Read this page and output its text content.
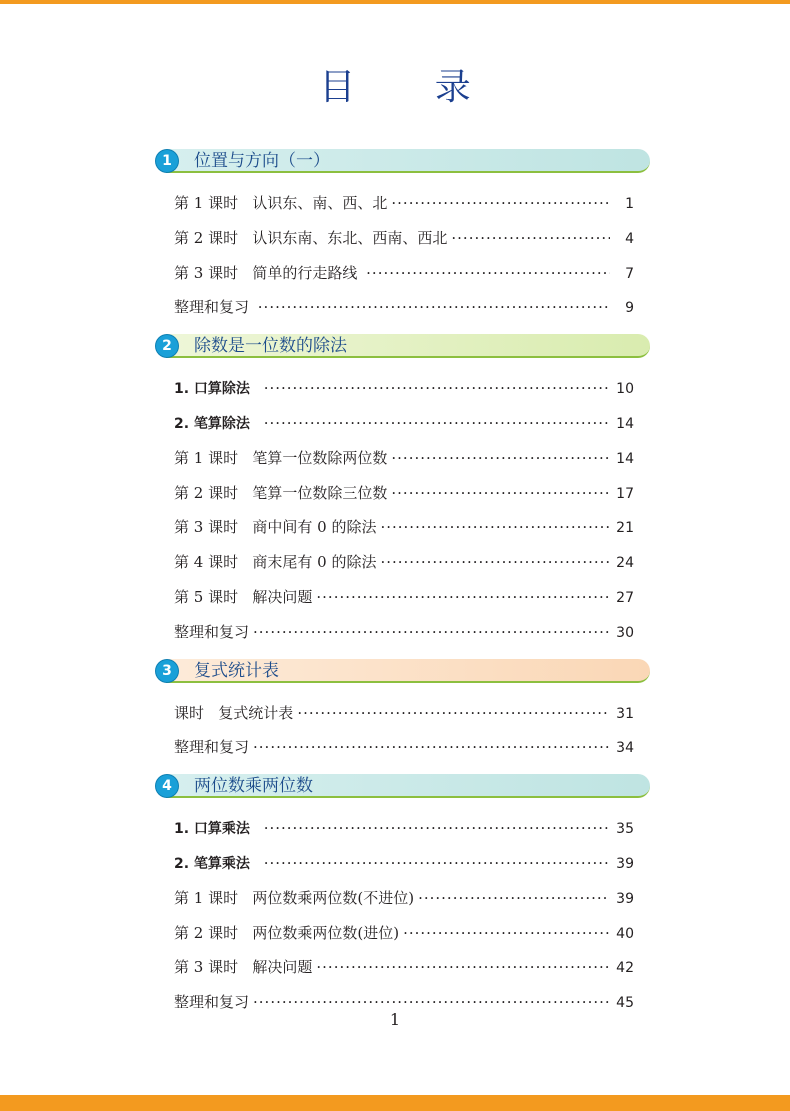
目 录
1	位置与方向（一）
第 1 课时   认识东、南、西、北 ·····	1
第 2 课时   认识东南、东北、西南、西北 ·····	4
第 3 课时   简单的行走路线 ·····	7
整理和复习 ·····	9
2	除数是一位数的除法
1. 口算除法 ·····	10
2. 笔算除法 ·····	14
第 1 课时   笔算一位数除两位数 ·····	14
第 2 课时   笔算一位数除三位数 ·····	17
第 3 课时   商中间有 0 的除法 ·····	21
第 4 课时   商末尾有 0 的除法 ·····	24
第 5 课时   解决问题 ·····	27
整理和复习 ·····	30
3	复式统计表
课时   复式统计表 ·····	31
整理和复习 ·····	34
4	两位数乘两位数
1. 口算乘法 ·····	35
2. 笔算乘法 ·····	39
第 1 课时   两位数乘两位数(不进位) ·····	39
第 2 课时   两位数乘两位数(进位) ·····	40
第 3 课时   解决问题 ·····	42
整理和复习 ·····	45
1
